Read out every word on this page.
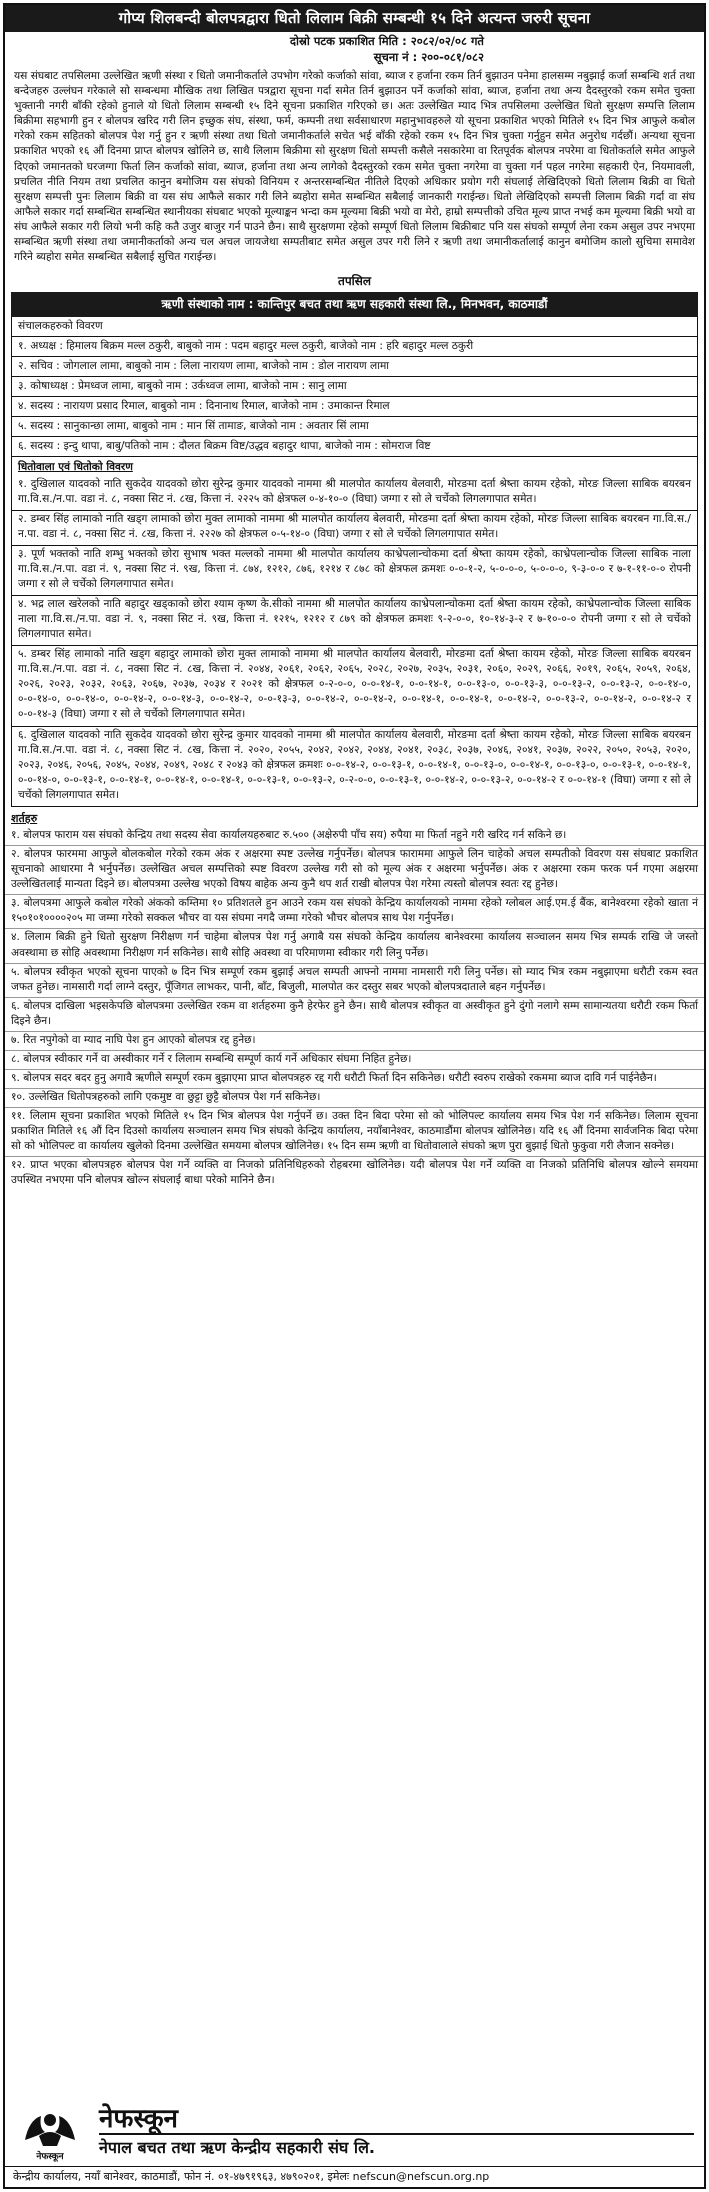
गोप्य शिलबन्दी बोलपत्रद्वारा धितो लिलाम बिक्री सम्बन्धी १५ दिने अत्यन्त जरुरी सूचना
दोस्रो पटक प्रकाशित मिति : २०८२/०२/०८ गते
सूचना नं : २००-०८१/०८२
यस संघबाट तपसिलमा उल्लेखित ऋणी संस्था र धितो जमानीकर्ताले उपभोग गरेको कर्जाको सांवा, ब्याज र हर्जाना रकम तिर्न बुझाउन पनेमा हालसम्म नबुझाई कर्जा सम्बन्धि शर्त तथा बन्देजहरु उल्लंघन गरेकाले सो सम्बन्धमा मौखिक तथा लिखित पत्रद्वारा सूचना गर्दा समेत तिर्न बुझाउन पर्ने कर्जाको सांवा, ब्याज, हर्जाना तथा अन्य दैदस्तुरको रकम समेत चुक्ता भुक्तानी नगरी बाँकी रहेको हुनाले यो धितो लिलाम सम्बन्धी १५ दिने सूचना प्रकाशित गरिएको छ। अतः उल्लेखित म्याद भित्र तपसिलमा उल्लेखित धितो सुरक्षण सम्पत्ति लिलाम बिक्रीमा सहभागी हुन र बोलपत्र खरिद गरी लिन इच्छुक संघ, संस्था, फर्म, कम्पनी तथा सर्वसाधारण महानुभावहरुले यो सूचना प्रकाशित भएको मितिले १५ दिन भित्र आफुले कबोल गरेको रकम सहितको बोलपत्र पेश गर्नु हुन र ऋणी संस्था तथा धितो जमानीकर्ताले सचेत भई बाँकी रहेको रकम १५ दिन भित्र चुक्ता गर्नुहुन समेत अनुरोध गर्दछौं। अन्यथा सूचना प्रकाशित भएको १६ औं दिनमा प्राप्त बोलपत्र खोलिने छ, साथै लिलाम बिक्रीमा सो सुरक्षण धितो सम्पत्ती कसैले नसकारेमा वा रितपूर्वक बोलपत्र नपरेमा वा धितोकर्ताले समेत आफुले दिएको जमानतको घरजग्गा फिर्ता लिन कर्जाको सांवा, ब्याज, हर्जाना तथा अन्य लागेको दैदस्तुरको रकम समेत चुक्ता नगरेमा वा चुक्ता गर्न पहल नगरेमा सहकारी ऐन, नियमावली, प्रचलित नीति नियम तथा प्रचलित कानुन बमोजिम यस संघको विनियम र अन्तरसम्बन्धित नीतिले दिएको अधिकार प्रयोग गरी संघलाई लेखिदिएको धितो लिलाम बिक्री वा धितो सुरक्षण सम्पत्ती पुनः लिलाम बिक्री वा यस संघ आफैले सकार गरी लिने ब्यहोरा समेत सम्बन्धित सबैलाई जानकारी गराईन्छ। धितो लेखिदिएको सम्पत्ती लिलाम बिक्री गर्दा वा संघ आफैले सकार गर्दा सम्बन्धित सम्बन्धित स्थानीयका संघबाट भएको मूल्याङ्कन भन्दा कम मूल्यमा बिक्री भयो वा मेरो, हाम्रो सम्पत्तीको उचित मूल्य प्राप्त नभई कम मूल्यमा बिक्री भयो वा संघ आफैले सकार गरी लियो भनी कहि कतै उजुर बाजुर गर्न पाउने छैन। साथै सुरक्षणमा रहेको सम्पूर्ण धितो लिलाम बिक्रीबाट पनि यस संघको सम्पूर्ण लेना रकम असुल उपर नभएमा सम्बन्धित ऋणी संस्था तथा जमानीकर्ताको अन्य चल अचल जायजेथा सम्पतीबाट समेत असुल उपर गरी लिने र ऋणी तथा जमानीकर्तालाई कानुन बमोजिम कालो सुचिमा समावेश गरिने ब्यहोरा समेत सम्बन्धित सबैलाई सुचित गराईन्छ।
तपसिल
ऋणी संस्थाको नाम : कान्तिपुर बचत तथा ऋण सहकारी संस्था लि., मिनभवन, काठमाडौं
संचालकहरुको विवरण
१. अध्यक्ष : हिमालय बिक्रम मल्ल ठकुरी, बाबुको नाम : पदम बहादुर मल्ल ठकुरी, बाजेको नाम : हरि बहादुर मल्ल ठकुरी
२. सचिव : जोगलाल लामा, बाबुको नाम : लिला नारायण लामा, बाजेको नाम : डोल नारायण लामा
३. कोषाध्यक्ष : प्रेमध्वज लामा, बाबुको नाम : उर्कध्वज लामा, बाजेको नाम : सानु लामा
४. सदस्य : नारायण प्रसाद रिमाल, बाबुको नाम : दिनानाथ रिमाल, बाजेको नाम : उमाकान्त रिमाल
५. सदस्य : सानुकान्छा लामा, बाबुको नाम : मान सिं तामाङ, बाजेको नाम : अवतार सिं लामा
६. सदस्य : इन्दु थापा, बाबु/पतिको नाम : दौलत बिक्रम विष्ट/उद्धव बहादुर थापा, बाजेको नाम : सोमराज विष्ट
धितोवाला एवं धितोको विवरण
१. दुखिलाल यादवको नाति सुकदेव यादवको छोरा सुरेन्द्र कुमार यादवको नाममा श्री मालपोत कार्यालय बेलवारी, मोरङमा दर्ता श्रेष्ता कायम रहेको, मोरङ जिल्ला साबिक बयरबन गा.वि.स./न.पा. वडा नं. ८, नक्सा सिट नं. ८ख, कित्ता नं. २२२५ को क्षेत्रफल ०-४-१०-० (विघा) जग्गा र सो ले चर्चेको लिगलगापात समेत।
२. डम्बर सिंह लामाको नाति खड्ग लामाको छोरा मुक्त लामाको नाममा श्री मालपोत कार्यालय बेलवारी, मोरङमा दर्ता श्रेष्ता कायम रहेको, मोरङ जिल्ला साबिक बयरबन गा.वि.स./न.पा. वडा नं. ८, नक्सा सिट नं. ८ख, कित्ता नं. २२२७ को क्षेत्रफल ०-५-१४-० (विघा) जग्गा र सो ले चर्चेको लिगलगापात समेत।
३. पूर्ण भक्तको नाति शम्भु भक्तको छोरा सुभाष भक्त मल्लको नाममा श्री मालपोत कार्यालय काभ्रेपलान्चोकमा दर्ता श्रेष्ता कायम रहेको, काभ्रेपलान्चोक जिल्ला साबिक नाला गा.वि.स./न.पा. वडा नं. ९, नक्सा सिट नं. ९ख, कित्ता नं. ८७४, १२१२, ८७६, १२१४ र ८७८ को क्षेत्रफल क्रमशः ०-०-१-२, ५-०-०-०, ५-०-०-०, ९-३-०-० र ७-१-११-०-० रोपनी जग्गा र सो ले चर्चेको लिगलगापात समेत।
४. भद्र लाल खरेलको नाति बहादुर खड्काको छोरा श्याम कृष्ण के.सीको नाममा श्री मालपोत कार्यालय काभ्रेपलान्चोकमा दर्ता श्रेष्ता कायम रहेको, काभ्रेपलान्चोक जिल्ला साबिक नाला गा.वि.स./न.पा. वडा नं. ९, नक्सा सिट नं. ९ख, कित्ता नं. १२१५, १२१२ र ८७९ को क्षेत्रफल क्रमशः ९-२-०-०, १०-१४-३-२ र ७-१०-०-० रोपनी जग्गा र सो ले चर्चेको लिगलगापात समेत।
५. डम्बर सिंह लामाको नाति खड्ग बहादुर लामाको छोरा मुक्त लामाको नाममा श्री मालपोत कार्यालय बेलवारी, मोरङमा दर्ता श्रेष्ता कायम रहेको, मोरङ जिल्ला साबिक बयरबन गा.वि.स./न.पा. वडा नं. ८, नक्सा सिट नं. ८ख, कित्ता नं. २०४४, २०६१, २०६२, २०६५, २०२८, २०२७, २०३५, २०३१, २०६०, २०२९, २०६६, २०१९, २०६५, २०५९, २०६४, २०२६, २०२३, २०३२, २०६३, २०६७, २०३७, २०३४ र २०२१ को क्षेत्रफल ०-२-०-०, ०-०-१४-१, ०-०-१४-१, ०-०-१३-०, ०-०-१३-३, ०-०-१३-२, ०-०-१३-२, ०-०-१४-०, ०-०-१४-०, ०-०-१४-०, ०-०-१४-२, ०-०-१४-३, ०-०-१४-२, ०-०-१३-३, ०-०-१४-२, ०-०-१४-२, ०-०-१४-१, ०-०-१४-१, ०-०-१४-२, ०-०-१३-२, ०-०-१४-२, ०-०-१४-२ र ०-०-१४-३ (विघा) जग्गा र सो ले चर्चेको लिगलगापात समेत।
६. दुखिलाल यादवको नाति सुकदेव यादवको छोरा सुरेन्द्र कुमार यादवको नाममा श्री मालपोत कार्यालय बेलवारी, मोरङमा दर्ता श्रेष्ता कायम रहेको, मोरङ जिल्ला साबिक बयरबन गा.वि.स./न.पा. वडा नं. ८, नक्सा सिट नं. ८ख, कित्ता नं. २०२०, २०५५, २०४२, २०४२, २०४४, २०४१, २०३८, २०३७, २०४६, २०४१, २०३७, २०२२, २०५०, २०५३, २०२०, २०२३, २०४६, २०५६, २०४५, २०४४, २०४९, २०४८ र २०४३ को क्षेत्रफल क्रमशः ०-०-१४-२, ०-०-१३-१, ०-०-१४-१, ०-०-१३-०, ०-०-१४-१, ०-०-१३-०, ०-०-१३-१, ०-०-१४-१, ०-०-१४-०, ०-०-१३-१, ०-०-१४-१, ०-०-१४-१, ०-०-१४-१, ०-०-१३-१, ०-०-१३-२, ०-२-०-०, ०-०-१३-१, ०-०-१४-२, ०-०-१३-२, ०-०-१४-२ र ०-०-१४-१ (विघा) जग्गा र सो ले चर्चेको लिगलगापात समेत।
शर्तहरु
१. बोलपत्र फाराम यस संघको केन्द्रिय तथा सदस्य सेवा कार्यालयहरुबाट रु.५०० (अक्षेरुपी पाँच सय) रुपैया मा फिर्ता नहुने गरी खरिद गर्न सकिने छ।
२. बोलपत्र फारममा आफुले बोलकबोल गरेको रकम अंक र अक्षरमा स्पष्ट उल्लेख गर्नुपर्नेछ। बोलपत्र फाराममा आफुले लिन चाहेको अचल सम्पतीको विवरण यस संघबाट प्रकाशित सूचनाको आधारमा नै भर्नुपर्नेछ। उल्लेखित अचल सम्पत्तिको स्पष्ट विवरण उल्लेख गरी सो को मूल्य अंक र अक्षरमा भर्नुपर्नेछ। अंक र अक्षरमा रकम फरक पर्न गएमा अक्षरमा उल्लेखितलाई मान्यता दिइने छ। बोलपत्रमा उल्लेख भएको विषय बाहेक अन्य कुनै थप शर्त राखी बोलपत्र पेश गरेमा त्यस्तो बोलपत्र स्वतः रद्द हुनेछ।
३. बोलपत्रमा आफुले कबोल गरेको अंकको कम्तिमा १० प्रतिशतले हुन आउने रकम यस संघको केन्द्रिय कार्यालयको नाममा रहेको ग्लोबल आई.एम.ई बैंक, बानेश्वरमा रहेको खाता नं १५०१०१००००२०५ मा जम्मा गरेको सक्कल भौचर वा यस संघमा नगदै जम्मा गरेको भौचर बोलपत्र साथ पेश गर्नुपर्नेछ।
४. लिलाम बिक्री हुने धितो सुरक्षण निरीक्षण गर्न चाहेमा बोलपत्र पेश गर्नु अगाबै यस संघको केन्द्रिय कार्यालय बानेश्वरमा कार्यालय सञ्चालन समय भित्र सम्पर्क राखि जे जस्तो अवस्थामा छ सोहि अवस्थामा निरीक्षण गर्न सकिनेछ। साथै सोहि अवस्था वा परिमाणमा स्वीकार गरी लिनु पर्नेछ।
५. बोलपत्र स्वीकृत भएको सूचना पाएको ७ दिन भित्र सम्पूर्ण रकम बुझाई अचल सम्पती आफ्नो नाममा नामसारी गरी लिनु पर्नेछ। सो म्याद भित्र रकम नबुझाएमा धरौटी रकम स्वत जफत हुनेछ। नामसारी गर्दा लाग्ने दस्तुर, पूँजिगत लाभकर, पानी, बाँट, बिजुली, मालपोत कर दस्तुर सबर भएको बोलपत्रदाताले बहन गर्नुपर्नेछ।
६. बोलपत्र दाखिला भइसकेपछि बोलपत्रमा उल्लेखित रकम वा शर्तहरुमा कुनै हेरफेर हुने छैन। साथै बोलपत्र स्वीकृत वा अस्वीकृत हुने दुंगो नलागे सम्म सामान्यतया धरौटी रकम फिर्ता दिइने छैन।
७. रित नपुगेको वा म्याद नाघि पेश हुन आएको बोलपत्र रद्द हुनेछ।
८. बोलपत्र स्वीकार गर्ने वा अस्वीकार गर्ने र लिलाम सम्बन्धि सम्पूर्ण कार्य गर्ने अधिकार संघमा निहित हुनेछ।
९. बोलपत्र सदर बदर हुनु अगावै ऋणीले सम्पूर्ण रकम बुझाएमा प्राप्त बोलपत्रहरु रद्द गरी धरौटी फिर्ता दिन सकिनेछ। धरौटी स्वरुप राखेको रकममा ब्याज दावि गर्न पाईनेछैन।
१०. उल्लेखित धितोपत्रहरुको लागि एकमुष्ट वा छुट्टा छुट्टै बोलपत्र पेश गर्न सकिनेछ।
११. लिलाम सूचना प्रकाशित भएको मितिले १५ दिन भित्र बोलपत्र पेश गर्नुपर्ने छ। उक्त दिन बिदा परेमा सो को भोलिपल्ट कार्यालय समय भित्र पेश गर्न सकिनेछ। लिलाम सूचना प्रकाशित मितिले १६ औं दिन दिउसो कार्यालय सञ्चालन समय भित्र संघको केन्द्रिय कार्यालय, नयाँबानेश्वर, काठमाडौंमा बोलपत्र खोलिनेछ। यदि १६ औं दिनमा सार्वजनिक बिदा परेमा सो को भोलिपल्ट वा कार्यालय खुलेको दिनमा उल्लेखित समयमा बोलपत्र खोलिनेछ। १५ दिन सम्म ऋणी वा धितोवालाले संघको ऋण पुरा बुझाई धितो फुकुवा गरी लैजान सक्नेछ।
१२. प्राप्त भएका बोलपत्रहरु बोलपत्र पेश गर्ने व्यक्ति वा निजको प्रतिनिधिहरुको रोहबरमा खोलिनेछ। यदी बोलपत्र पेश गर्ने व्यक्ति वा निजको प्रतिनिधि बोलपत्र खोल्ने समयमा उपस्थित नभएमा पनि बोलपत्र खोल्न संघलाई बाधा परेको मानिने छैन।
नेफस्कून
नेफस्कून
नेपाल बचत तथा ऋण केन्द्रीय सहकारी संघ लि.
केन्द्रीय कार्यालय, नयाँ बानेश्वर, काठमाडौं, फोन नं. ०१-४७९१९६३, ४७९०२०१, इमेलः nefscun@nefscun.org.np
